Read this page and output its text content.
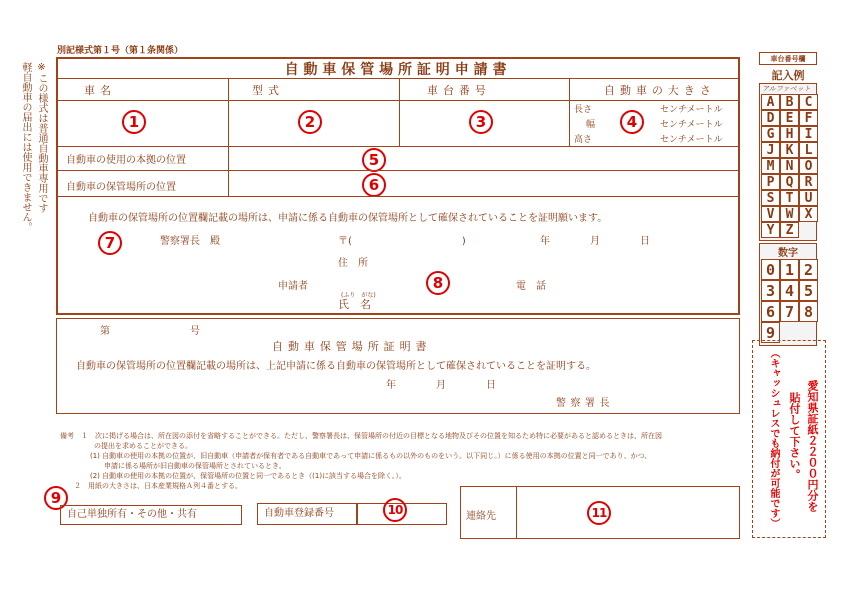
別記様式第１号（第１条関係）
※この様式は普通自動車専用です
軽自動車の届出には使用できません。	自動車保管場所証明申請書
車名	型式	車台番号	自動車の大きさ
1	2	3	4
長さ	センチメートル
幅	センチメートル
高さ	センチメートル
自動車の使用の本拠の位置	5
自動車の保管場所の位置	6
自動車の保管場所の位置欄記載の場所は、申請に係る自動車の保管場所として確保されていることを証明願います。
7	警察署長　殿	〒(　　　　　　　　　　　)	年　　　　月　　　　日
住　所
申請者	8	電　話
(ふり　がな)
氏　名
第　　　　　　　　号
自動車保管場所証明書
自動車の保管場所の位置欄記載の場所は、上記申請に係る自動車の保管場所として確保されていることを証明する。
年　　　　月　　　　日
警察署長
備考　１　次に掲げる場合は、所在図の添付を省略することができる。ただし、警察署長は、保管場所の付近の目標となる地物及びその位置を知るため特に必要があると認めるときは、所在図
の提出を求めることができる。
(1) 自動車の使用の本拠の位置が、旧自動車（申請者が保有者である自動車であって申請に係るもの以外のものをいう。以下同じ。）に係る使用の本拠の位置と同一であり、かつ、
申請に係る場所が旧自動車の保管場所とされているとき。
(2) 自動車の使用の本拠の位置が、保管場所の位置と同一であるとき（(1)に該当する場合を除く。）。
２　用紙の大きさは、日本産業規格Ａ列４番とする。
9
自己単独所有・その他・共有	自動車登録番号	10	連絡先	11
車台番号欄
記入例
アルファベット
A B C
D E F
G H I
J K L
M N O
P Q R
S T U
V W X
Y Z
数字
0 1 2
3 4 5
6 7 8
9
愛知県証紙２２００円分を
貼付して下さい。
（キャッシュレスでも納付が可能です）
